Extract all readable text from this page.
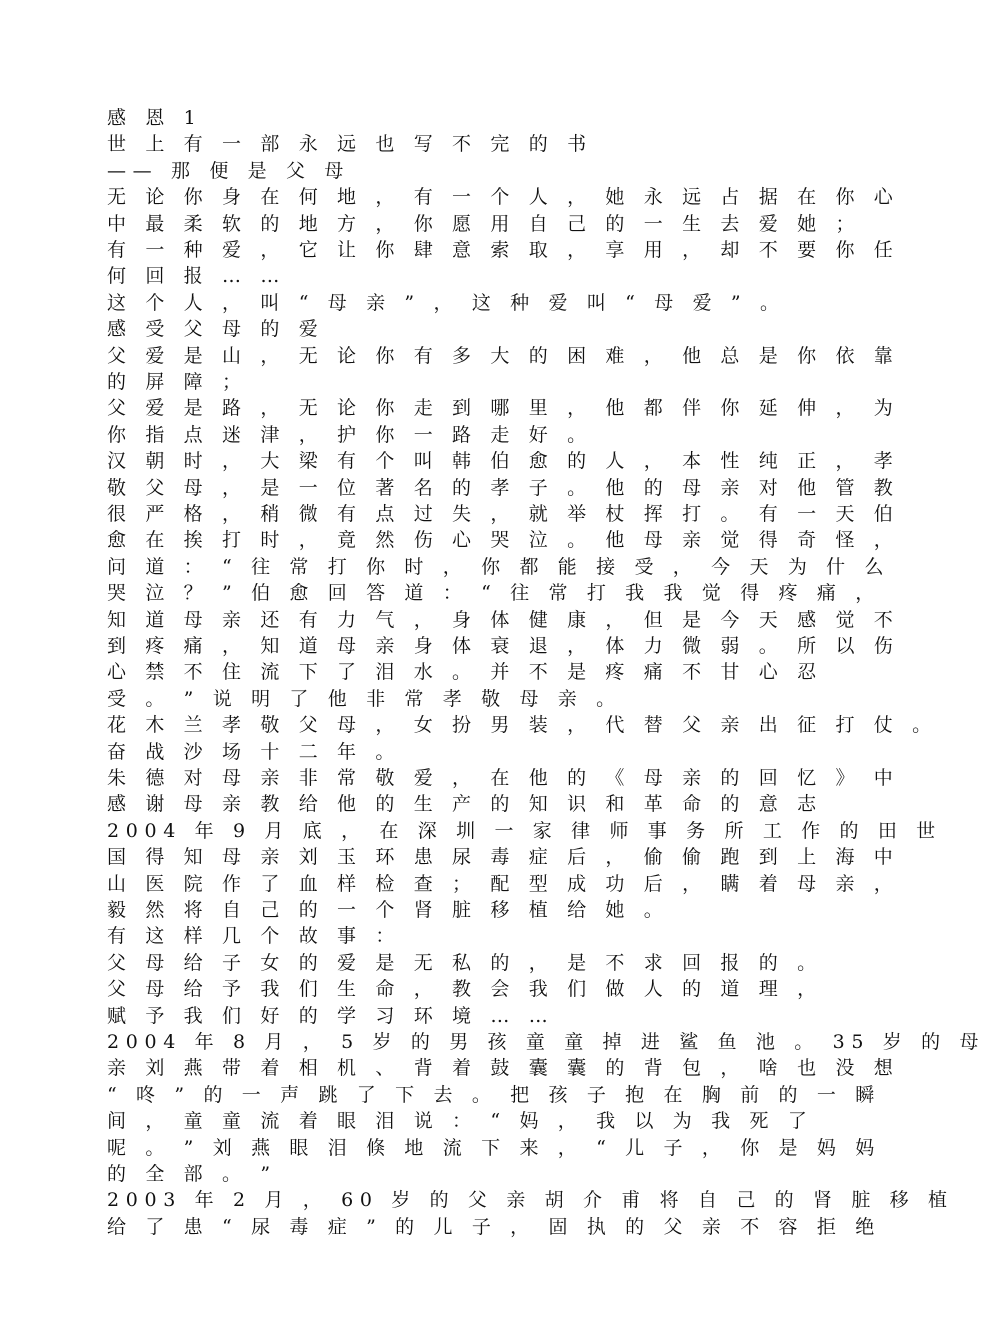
感 恩 1
世 上 有 一 部 永 远 也 写 不 完 的 书
—— 那 便 是 父 母
无 论 你 身 在 何 地 ， 有 一 个 人 ， 她 永 远 占 据 在 你 心
中 最 柔 软 的 地 方 ， 你 愿 用 自 己 的 一 生 去 爱 她 ；
有 一 种 爱 ， 它 让 你 肆 意 索 取 ， 享 用 ， 却 不 要 你 任
何 回 报 … …
这 个 人 ， 叫 “ 母 亲 ” ， 这 种 爱 叫 “ 母 爱 ” 。
感 受 父 母 的 爱
父 爱 是 山 ， 无 论 你 有 多 大 的 困 难 ， 他 总 是 你 依 靠
的 屏 障 ；
父 爱 是 路 ， 无 论 你 走 到 哪 里 ， 他 都 伴 你 延 伸 ， 为
你 指 点 迷 津 ， 护 你 一 路 走 好 。
汉 朝 时 ， 大 梁 有 个 叫 韩 伯 愈 的 人 ， 本 性 纯 正 ， 孝
敬 父 母 ， 是 一 位 著 名 的 孝 子 。 他 的 母 亲 对 他 管 教
很 严 格 ， 稍 微 有 点 过 失 ， 就 举 杖 挥 打 。 有 一 天 伯
愈 在 挨 打 时 ， 竟 然 伤 心 哭 泣 。 他 母 亲 觉 得 奇 怪 ，
问 道 ： “ 往 常 打 你 时 ， 你 都 能 接 受 ， 今 天 为 什 么
哭 泣 ？ ” 伯 愈 回 答 道 ： “ 往 常 打 我 我 觉 得 疼 痛 ，
知 道 母 亲 还 有 力 气 ， 身 体 健 康 ， 但 是 今 天 感 觉 不
到 疼 痛 ， 知 道 母 亲 身 体 衰 退 ， 体 力 微 弱 。 所 以 伤
心 禁 不 住 流 下 了 泪 水 。 并 不 是 疼 痛 不 甘 心 忍
受 。 ” 说 明 了 他 非 常 孝 敬 母 亲 。
花 木 兰 孝 敬 父 母 ， 女 扮 男 装 ， 代 替 父 亲 出 征 打 仗 。
奋 战 沙 场 十 二 年 。
朱 德 对 母 亲 非 常 敬 爱 ， 在 他 的 《 母 亲 的 回 忆 》 中
感 谢 母 亲 教 给 他 的 生 产 的 知 识 和 革 命 的 意 志
2004 年 9 月 底 ， 在 深 圳 一 家 律 师 事 务 所 工 作 的 田 世
国 得 知 母 亲 刘 玉 环 患 尿 毒 症 后 ， 偷 偷 跑 到 上 海 中
山 医 院 作 了 血 样 检 查 ； 配 型 成 功 后 ， 瞒 着 母 亲 ，
毅 然 将 自 己 的 一 个 肾 脏 移 植 给 她 。
有 这 样 几 个 故 事 ：
父 母 给 子 女 的 爱 是 无 私 的 ， 是 不 求 回 报 的 。
父 母 给 予 我 们 生 命 ， 教 会 我 们 做 人 的 道 理 ，
赋 予 我 们 好 的 学 习 环 境 … …
2004 年 8 月 ， 5 岁 的 男 孩 童 童 掉 进 鲨 鱼 池 。 35 岁 的 母
亲 刘 燕 带 着 相 机 、 背 着 鼓 囊 囊 的 背 包 ， 啥 也 没 想
“ 咚 ” 的 一 声 跳 了 下 去 。 把 孩 子 抱 在 胸 前 的 一 瞬
间 ， 童 童 流 着 眼 泪 说 ： “ 妈 ， 我 以 为 我 死 了
呢 。 ” 刘 燕 眼 泪 倏 地 流 下 来 ， “ 儿 子 ， 你 是 妈 妈
的 全 部 。 ”
2003 年 2 月 ， 60 岁 的 父 亲 胡 介 甫 将 自 己 的 肾 脏 移 植
给 了 患 “ 尿 毒 症 ” 的 儿 子 ， 固 执 的 父 亲 不 容 拒 绝
